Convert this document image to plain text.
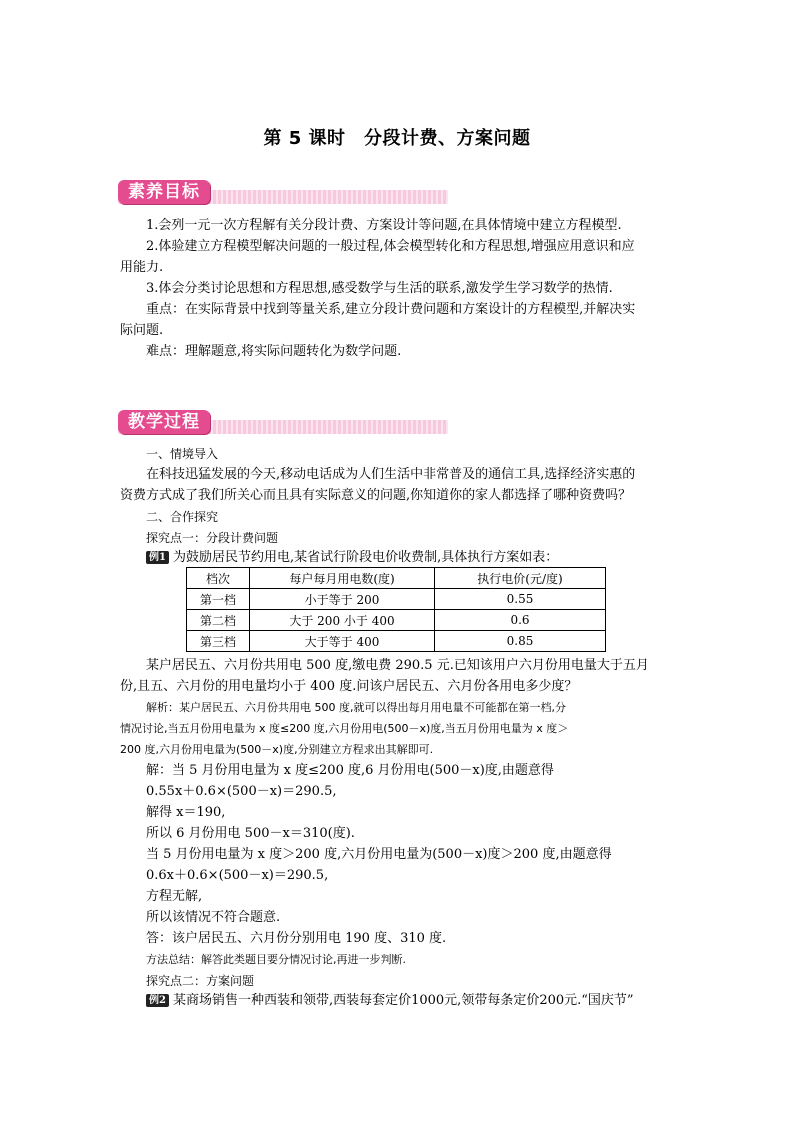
第 5 课时　分段计费、方案问题
素养目标
1.会列一元一次方程解有关分段计费、方案设计等问题,在具体情境中建立方程模型.
2.体验建立方程模型解决问题的一般过程,体会模型转化和方程思想,增强应用意识和应
用能力.
3.体会分类讨论思想和方程思想,感受数学与生活的联系,激发学生学习数学的热情.
重点：在实际背景中找到等量关系,建立分段计费问题和方案设计的方程模型,并解决实
际问题.
难点：理解题意,将实际问题转化为数学问题.
教学过程
一、情境导入
在科技迅猛发展的今天,移动电话成为人们生活中非常普及的通信工具,选择经济实惠的
资费方式成了我们所关心而且具有实际意义的问题,你知道你的家人都选择了哪种资费吗？
二、合作探究
探究点一：分段计费问题
例1 为鼓励居民节约用电,某省试行阶段电价收费制,具体执行方案如表：
档次	每户每月用电数(度)	执行电价(元/度)
第一档	小于等于 200	0.55
第二档	大于 200 小于 400	0.6
第三档	大于等于 400	0.85
某户居民五、六月份共用电 500 度,缴电费 290.5 元.已知该用户六月份用电量大于五月
份,且五、六月份的用电量均小于 400 度.问该户居民五、六月份各用电多少度？
解析：某户居民五、六月份共用电 500 度,就可以得出每月用电量不可能都在第一档,分
情况讨论,当五月份用电量为 x 度≤200 度,六月份用电(500－x)度,当五月份用电量为 x 度＞
200 度,六月份用电量为(500－x)度,分别建立方程求出其解即可.
解：当 5 月份用电量为 x 度≤200 度,6 月份用电(500－x)度,由题意得
0.55x＋0.6×(500－x)＝290.5,
解得 x＝190,
所以 6 月份用电 500－x＝310(度).
当 5 月份用电量为 x 度＞200 度,六月份用电量为(500－x)度＞200 度,由题意得
0.6x＋0.6×(500－x)＝290.5,
方程无解,
所以该情况不符合题意.
答：该户居民五、六月份分别用电 190 度、310 度.
方法总结：解答此类题目要分情况讨论,再进一步判断.
探究点二：方案问题
例2 某商场销售一种西装和领带,西装每套定价1000元,领带每条定价200元.“国庆节”
